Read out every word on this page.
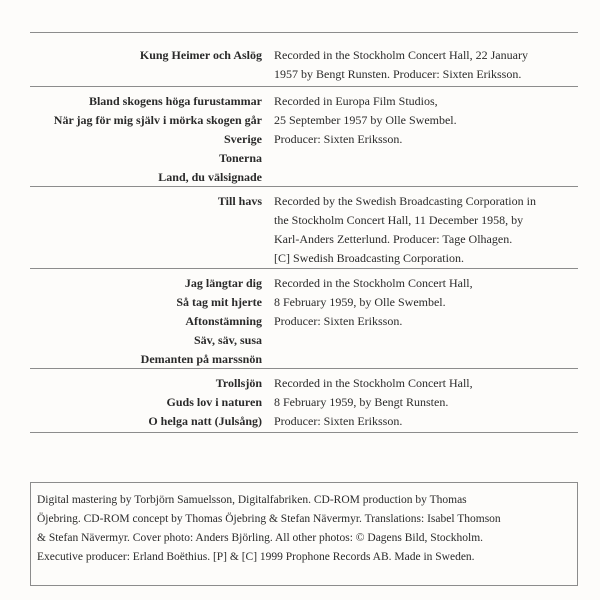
Kung Heimer och Aslög Recorded in the Stockholm Concert Hall, 22 January
1957 by Bengt Runsten. Producer: Sixten Eriksson.
Bland skogens höga furustammar
När jag för mig själv i mörka skogen går
Sverige
Tonerna
Land, du välsignade
Recorded in Europa Film Studios,
25 September 1957 by Olle Swembel.
Producer: Sixten Eriksson.
Till havs Recorded by the Swedish Broadcasting Corporation in
the Stockholm Concert Hall, 11 December 1958, by
Karl-Anders Zetterlund. Producer: Tage Olhagen.
[C] Swedish Broadcasting Corporation.
Jag längtar dig
Så tag mit hjerte
Aftonstämning
Säv, säv, susa
Demanten på marssnön
Recorded in the Stockholm Concert Hall,
8 February 1959, by Olle Swembel.
Producer: Sixten Eriksson.
Trollsjön
Guds lov i naturen
O helga natt (Julsång)
Recorded in the Stockholm Concert Hall,
8 February 1959, by Bengt Runsten.
Producer: Sixten Eriksson.
Digital mastering by Torbjörn Samuelsson, Digitalfabriken. CD-ROM production by Thomas
Öjebring. CD-ROM concept by Thomas Öjebring & Stefan Nävermyr. Translations: Isabel Thomson
& Stefan Nävermyr. Cover photo: Anders Björling. All other photos: © Dagens Bild, Stockholm.
Executive producer: Erland Boëthius. [P] & [C] 1999 Prophone Records AB. Made in Sweden.
